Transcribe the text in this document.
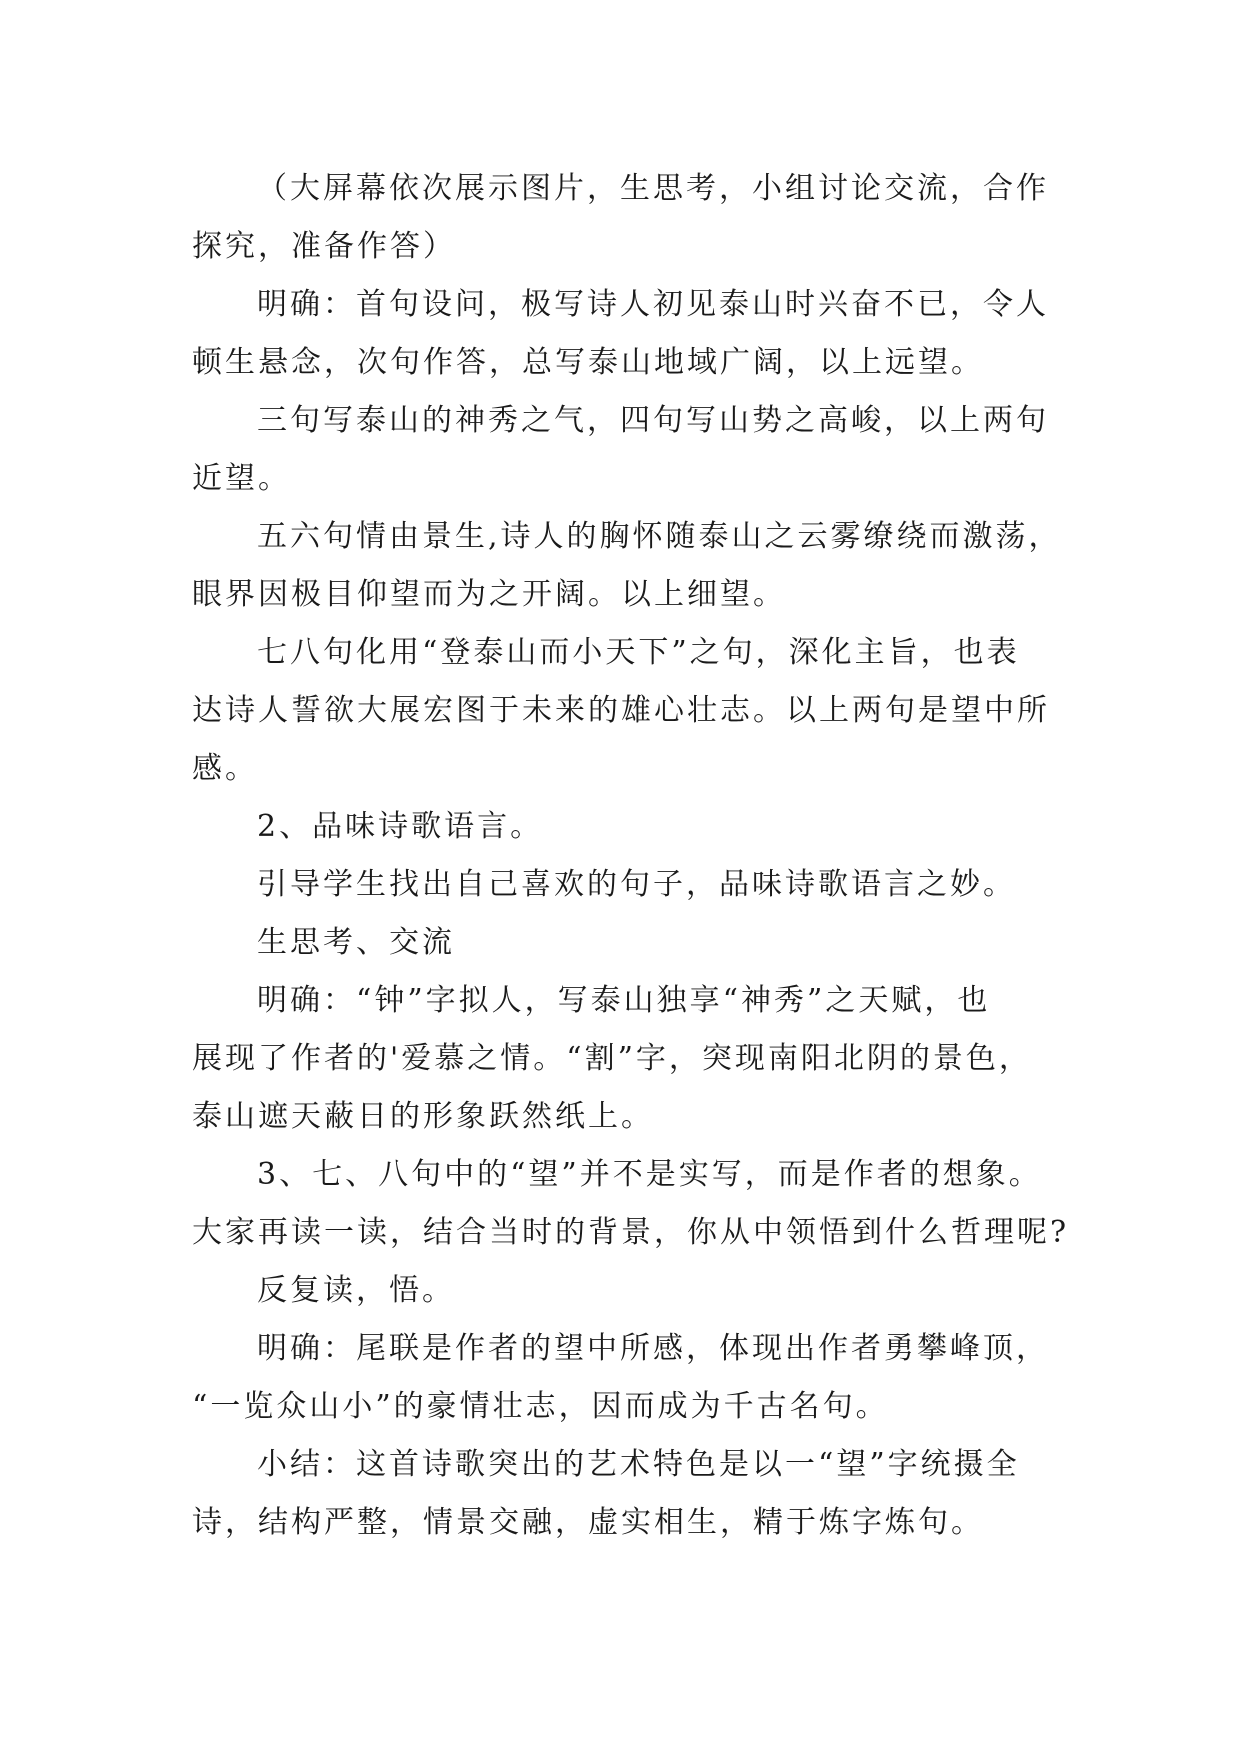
（大屏幕依次展示图片，生思考，小组讨论交流，合作
探究，准备作答）
明确：首句设问，极写诗人初见泰山时兴奋不已，令人
顿生悬念，次句作答，总写泰山地域广阔，以上远望。
三句写泰山的神秀之气，四句写山势之高峻，以上两句
近望。
五六句情由景生,诗人的胸怀随泰山之云雾缭绕而激荡，
眼界因极目仰望而为之开阔。以上细望。
七八句化用“登泰山而小天下”之句，深化主旨，也表
达诗人誓欲大展宏图于未来的雄心壮志。以上两句是望中所
感。
2、品味诗歌语言。
引导学生找出自己喜欢的句子，品味诗歌语言之妙。
生思考、交流
明确：“钟”字拟人，写泰山独享“神秀”之天赋，也
展现了作者的'爱慕之情。“割”字，突现南阳北阴的景色，
泰山遮天蔽日的形象跃然纸上。
3、七、八句中的“望”并不是实写，而是作者的想象。
大家再读一读，结合当时的背景，你从中领悟到什么哲理呢?
反复读，悟。
明确：尾联是作者的望中所感，体现出作者勇攀峰顶，
“一览众山小”的豪情壮志，因而成为千古名句。
小结：这首诗歌突出的艺术特色是以一“望”字统摄全
诗，结构严整，情景交融，虚实相生，精于炼字炼句。
